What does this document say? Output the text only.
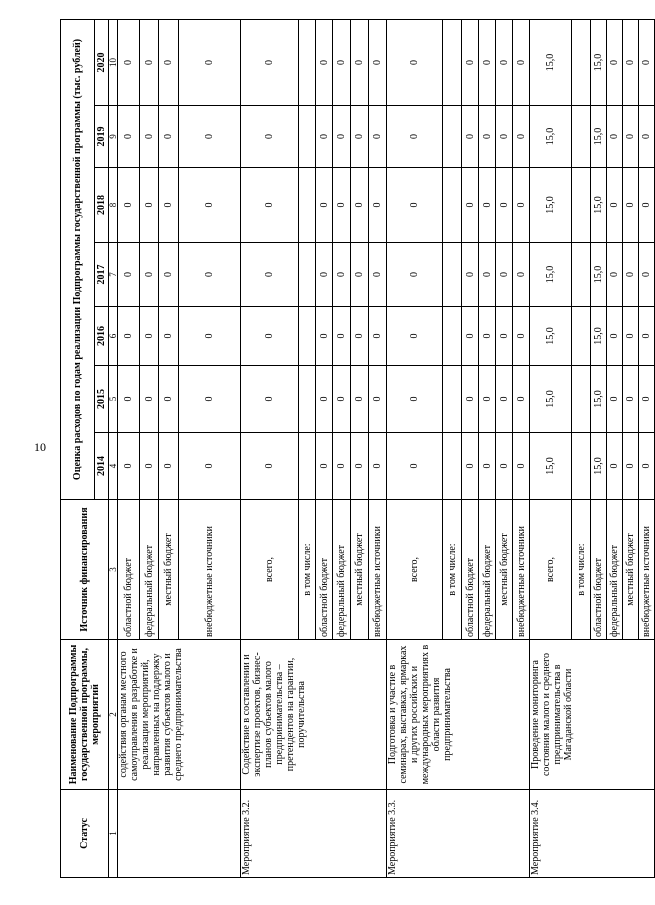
10
Статус	Наименование Подпрограммы государственной программы, мероприятий	Источник финансирования	Оценка расходов по годам реализации Подпрограммы государственной программы (тыс. рублей)						
			2014	2015	2016	2017	2018	2019	2020
1	2	3	4	5	6	7	8	9	10
	содействия органам местного самоуправления в разработке и реализации мероприятий, направленных на поддержку развития субъектов малого и среднего предпринимательства	областной бюджет	0	0	0	0	0	0	0
		федеральный бюджет	0	0	0	0	0	0	0
		местный бюджет	0	0	0	0	0	0	0
		внебюджетные источники	0	0	0	0	0	0	0
Мероприятие 3.2.	Содействие в составлении и экспертизе проектов, бизнес-планов субъектов малого предпринимательства – претендентов на гарантии, поручительства	всего,	0	0	0	0	0	0	0
		в том числе:							
		областной бюджет	0	0	0	0	0	0	0
		федеральный бюджет	0	0	0	0	0	0	0
		местный бюджет	0	0	0	0	0	0	0
		внебюджетные источники	0	0	0	0	0	0	0
Мероприятие 3.3.	Подготовка и участие в семинарах, выставках, ярмарках и других российских и международных мероприятиях в области развития предпринимательства	всего,	0	0	0	0	0	0	0
		в том числе:							
		областной бюджет	0	0	0	0	0	0	0
		федеральный бюджет	0	0	0	0	0	0	0
		местный бюджет	0	0	0	0	0	0	0
		внебюджетные источники	0	0	0	0	0	0	0
Мероприятие 3.4.	Проведение мониторинга состояния малого и среднего предпринимательства в Магаданской области	всего,	15,0	15,0	15,0	15,0	15,0	15,0	15,0
		в том числе:							
		областной бюджет	15,0	15,0	15,0	15,0	15,0	15,0	15,0
		федеральный бюджет	0	0	0	0	0	0	0
		местный бюджет	0	0	0	0	0	0	0
		внебюджетные источники	0	0	0	0	0	0	0
